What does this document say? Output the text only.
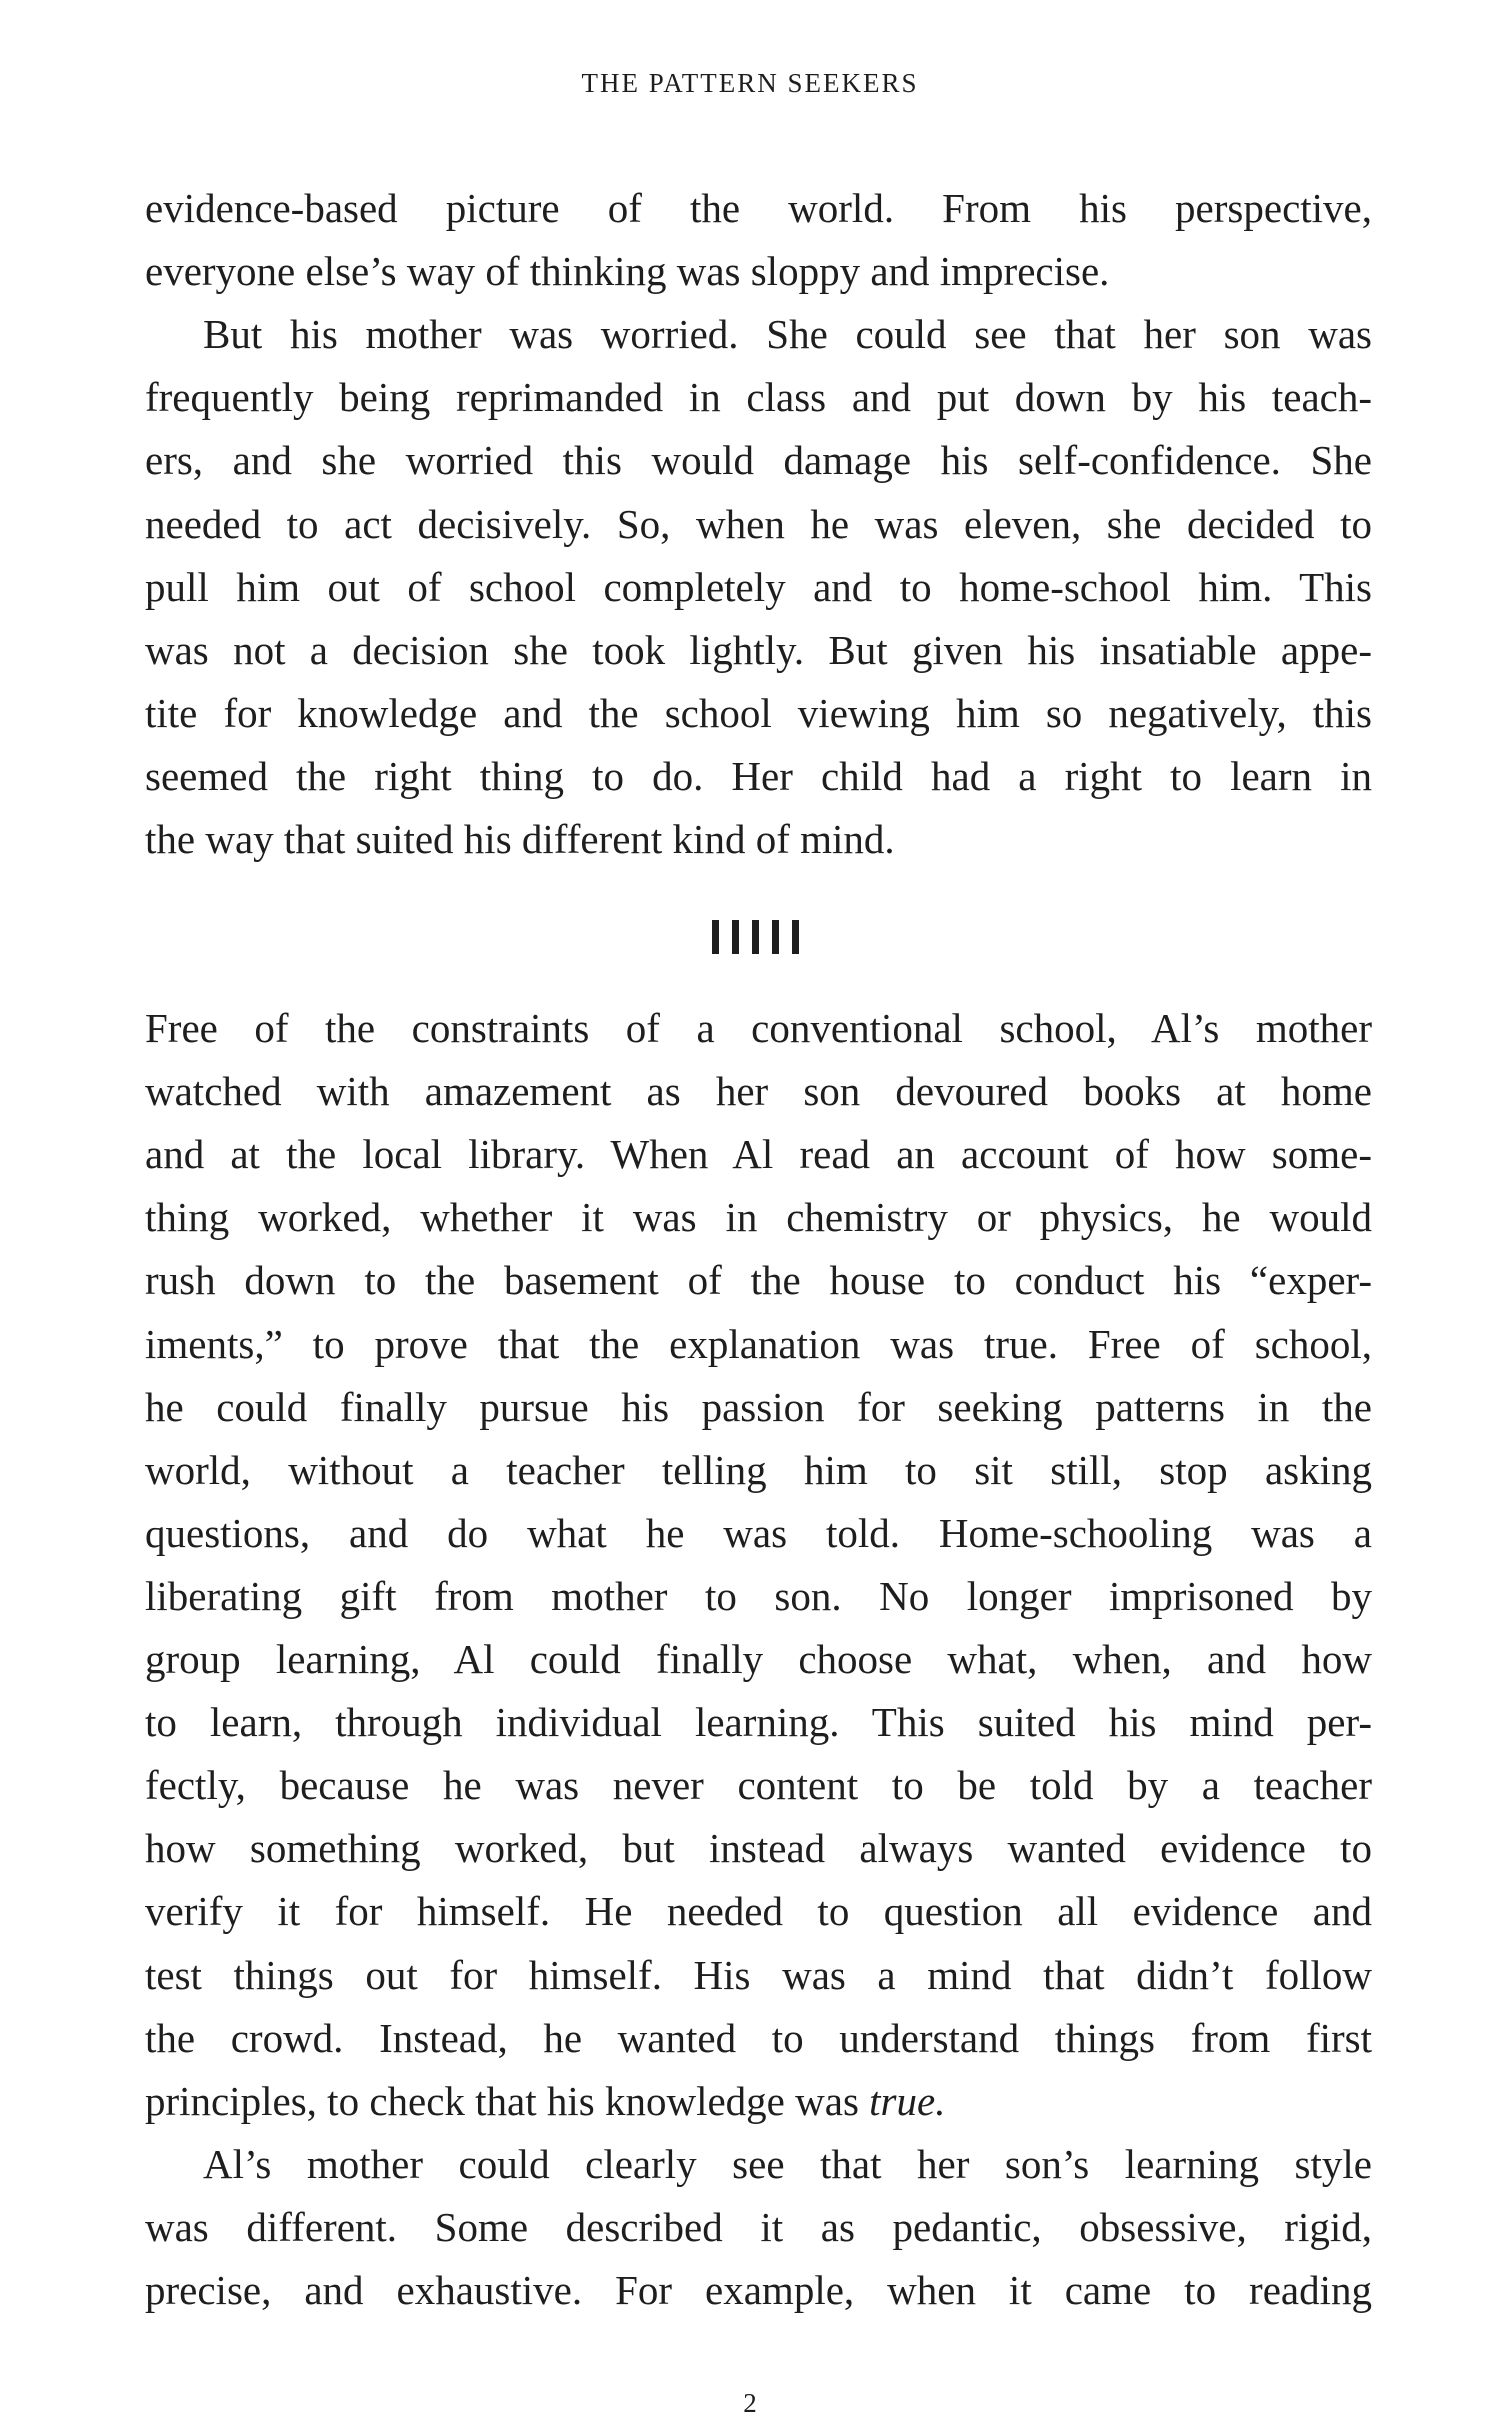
THE PATTERN SEEKERS
evidence-based picture of the world. From his perspective,
everyone else’s way of thinking was sloppy and imprecise.
But his mother was worried. She could see that her son was
frequently being reprimanded in class and put down by his teach-
ers, and she worried this would damage his self-confidence. She
needed to act decisively. So, when he was eleven, she decided to
pull him out of school completely and to home-school him. This
was not a decision she took lightly. But given his insatiable appe-
tite for knowledge and the school viewing him so negatively, this
seemed the right thing to do. Her child had a right to learn in
the way that suited his different kind of mind.
Free of the constraints of a conventional school, Al’s mother
watched with amazement as her son devoured books at home
and at the local library. When Al read an account of how some-
thing worked, whether it was in chemistry or physics, he would
rush down to the basement of the house to conduct his “exper-
iments,” to prove that the explanation was true. Free of school,
he could finally pursue his passion for seeking patterns in the
world, without a teacher telling him to sit still, stop asking
questions, and do what he was told. Home-schooling was a
liberating gift from mother to son. No longer imprisoned by
group learning, Al could finally choose what, when, and how
to learn, through individual learning. This suited his mind per-
fectly, because he was never content to be told by a teacher
how something worked, but instead always wanted evidence to
verify it for himself. He needed to question all evidence and
test things out for himself. His was a mind that didn’t follow
the crowd. Instead, he wanted to understand things from first
principles, to check that his knowledge was true.
Al’s mother could clearly see that her son’s learning style
was different. Some described it as pedantic, obsessive, rigid,
precise, and exhaustive. For example, when it came to reading
2
